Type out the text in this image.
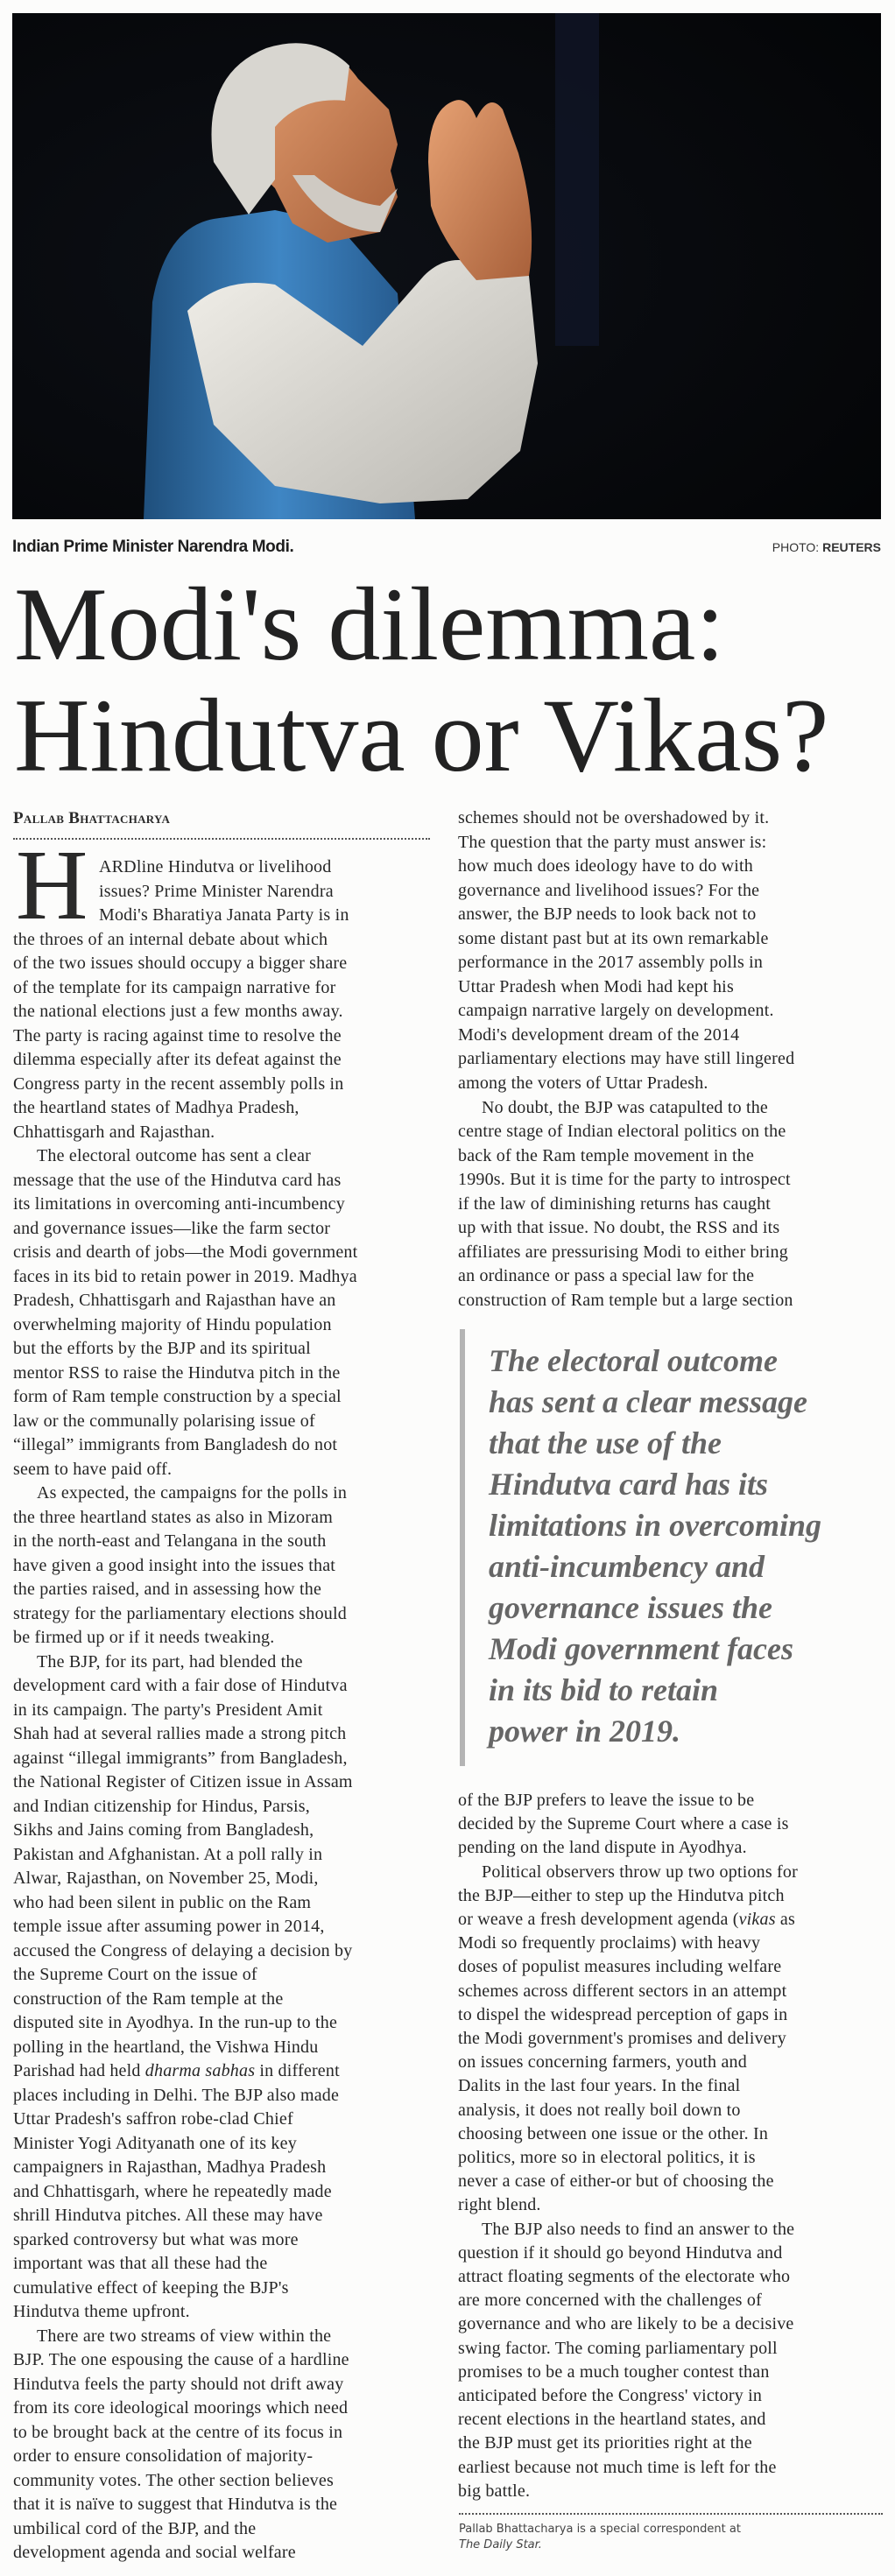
Indian Prime Minister Narendra Modi.	PHOTO: REUTERS
Modi's dilemma:
Hindutva or Vikas?
Pallab Bhattacharya
H ARDline Hindutva or livelihood
issues? Prime Minister Narendra
Modi's Bharatiya Janata Party is in
the throes of an internal debate about which
of the two issues should occupy a bigger share
of the template for its campaign narrative for
the national elections just a few months away.
The party is racing against time to resolve the
dilemma especially after its defeat against the
Congress party in the recent assembly polls in
the heartland states of Madhya Pradesh,
Chhattisgarh and Rajasthan.
The electoral outcome has sent a clear
message that the use of the Hindutva card has
its limitations in overcoming anti-incumbency
and governance issues—like the farm sector
crisis and dearth of jobs—the Modi government
faces in its bid to retain power in 2019. Madhya
Pradesh, Chhattisgarh and Rajasthan have an
overwhelming majority of Hindu population
but the efforts by the BJP and its spiritual
mentor RSS to raise the Hindutva pitch in the
form of Ram temple construction by a special
law or the communally polarising issue of
“illegal” immigrants from Bangladesh do not
seem to have paid off.
As expected, the campaigns for the polls in
the three heartland states as also in Mizoram
in the north-east and Telangana in the south
have given a good insight into the issues that
the parties raised, and in assessing how the
strategy for the parliamentary elections should
be firmed up or if it needs tweaking.
The BJP, for its part, had blended the
development card with a fair dose of Hindutva
in its campaign. The party's President Amit
Shah had at several rallies made a strong pitch
against “illegal immigrants” from Bangladesh,
the National Register of Citizen issue in Assam
and Indian citizenship for Hindus, Parsis,
Sikhs and Jains coming from Bangladesh,
Pakistan and Afghanistan. At a poll rally in
Alwar, Rajasthan, on November 25, Modi,
who had been silent in public on the Ram
temple issue after assuming power in 2014,
accused the Congress of delaying a decision by
the Supreme Court on the issue of
construction of the Ram temple at the
disputed site in Ayodhya. In the run-up to the
polling in the heartland, the Vishwa Hindu
Parishad had held dharma sabhas in different
places including in Delhi. The BJP also made
Uttar Pradesh's saffron robe-clad Chief
Minister Yogi Adityanath one of its key
campaigners in Rajasthan, Madhya Pradesh
and Chhattisgarh, where he repeatedly made
shrill Hindutva pitches. All these may have
sparked controversy but what was more
important was that all these had the
cumulative effect of keeping the BJP's
Hindutva theme upfront.
There are two streams of view within the
BJP. The one espousing the cause of a hardline
Hindutva feels the party should not drift away
from its core ideological moorings which need
to be brought back at the centre of its focus in
order to ensure consolidation of majority-
community votes. The other section believes
that it is naïve to suggest that Hindutva is the
umbilical cord of the BJP, and the
development agenda and social welfare
schemes should not be overshadowed by it.
The question that the party must answer is:
how much does ideology have to do with
governance and livelihood issues? For the
answer, the BJP needs to look back not to
some distant past but at its own remarkable
performance in the 2017 assembly polls in
Uttar Pradesh when Modi had kept his
campaign narrative largely on development.
Modi's development dream of the 2014
parliamentary elections may have still lingered
among the voters of Uttar Pradesh.
No doubt, the BJP was catapulted to the
centre stage of Indian electoral politics on the
back of the Ram temple movement in the
1990s. But it is time for the party to introspect
if the law of diminishing returns has caught
up with that issue. No doubt, the RSS and its
affiliates are pressurising Modi to either bring
an ordinance or pass a special law for the
construction of Ram temple but a large section
The electoral outcome
has sent a clear message
that the use of the
Hindutva card has its
limitations in overcoming
anti-incumbency and
governance issues the
Modi government faces
in its bid to retain
power in 2019.
of the BJP prefers to leave the issue to be
decided by the Supreme Court where a case is
pending on the land dispute in Ayodhya.
Political observers throw up two options for
the BJP—either to step up the Hindutva pitch
or weave a fresh development agenda (vikas as
Modi so frequently proclaims) with heavy
doses of populist measures including welfare
schemes across different sectors in an attempt
to dispel the widespread perception of gaps in
the Modi government's promises and delivery
on issues concerning farmers, youth and
Dalits in the last four years. In the final
analysis, it does not really boil down to
choosing between one issue or the other. In
politics, more so in electoral politics, it is
never a case of either-or but of choosing the
right blend.
The BJP also needs to find an answer to the
question if it should go beyond Hindutva and
attract floating segments of the electorate who
are more concerned with the challenges of
governance and who are likely to be a decisive
swing factor. The coming parliamentary poll
promises to be a much tougher contest than
anticipated before the Congress' victory in
recent elections in the heartland states, and
the BJP must get its priorities right at the
earliest because not much time is left for the
big battle.
Pallab Bhattacharya is a special correspondent at
The Daily Star.
